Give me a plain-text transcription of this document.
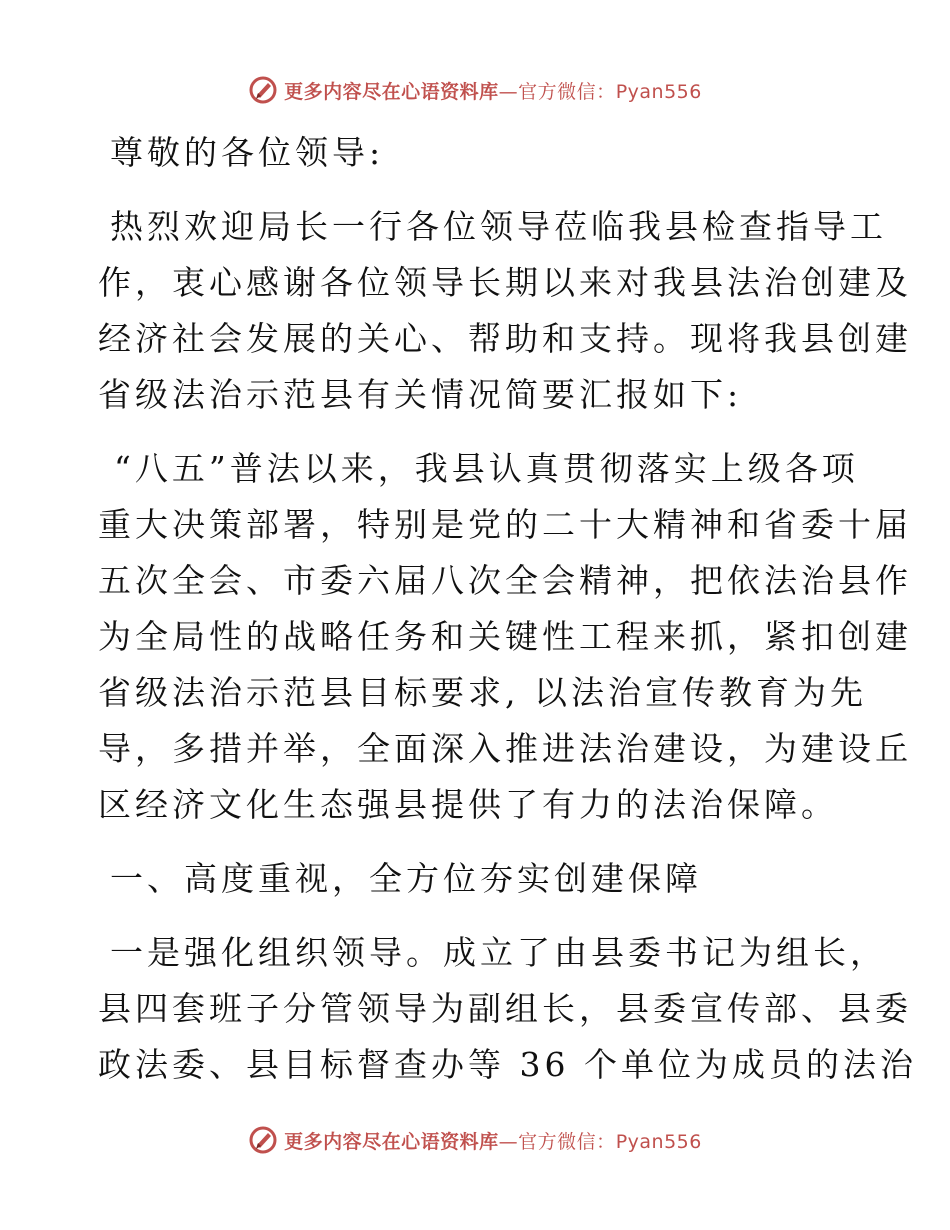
更多内容尽在心语资料库—官方微信：Pyan556
尊敬的各位领导:
热烈欢迎局长一行各位领导莅临我县检查指导工
作，衷心感谢各位领导长期以来对我县法治创建及
经济社会发展的关心、帮助和支持。现将我县创建
省级法治示范县有关情况简要汇报如下:
“八五”普法以来，我县认真贯彻落实上级各项
重大决策部署，特别是党的二十大精神和省委十届
五次全会、市委六届八次全会精神，把依法治县作
为全局性的战略任务和关键性工程来抓，紧扣创建
省级法治示范县目标要求, 以法治宣传教育为先
导，多措并举，全面深入推进法治建设，为建设丘
区经济文化生态强县提供了有力的法治保障。
一、高度重视，全方位夯实创建保障
一是强化组织领导。成立了由县委书记为组长，
县四套班子分管领导为副组长，县委宣传部、县委
政法委、县目标督查办等 36 个单位为成员的法治
更多内容尽在心语资料库—官方微信：Pyan556
